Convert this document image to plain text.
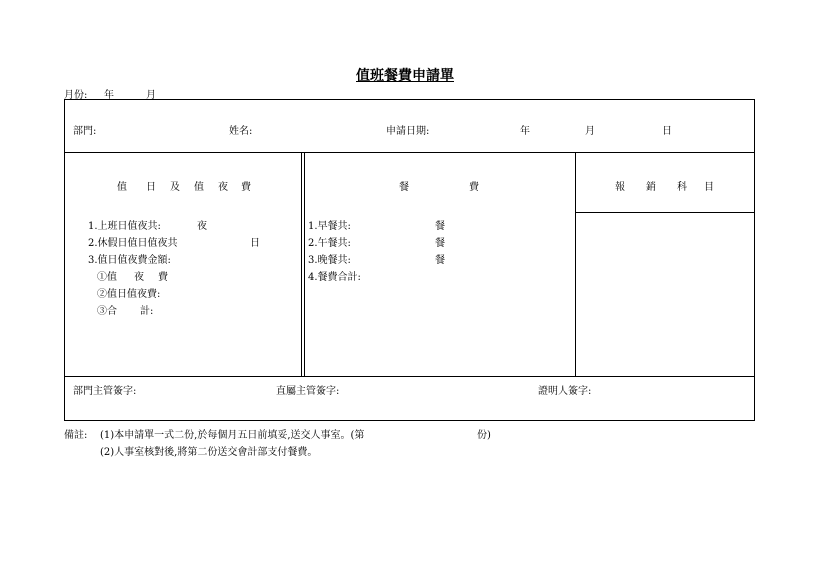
值班餐費申請單
月份: 年	月
部門:	姓名:	申請日期:	年	月	日
值 日 及 值 夜 費
1.上班日值夜共:	夜
2.休假日值日值夜共	日
3.值日值夜費金額:
①值 夜 費
②值日值夜費:
③合 計:
餐	費
1.早餐共:	餐
2.午餐共:	餐
3.晚餐共:	餐
4.餐費合計:
報 銷 科 目
部門主管簽字:	直屬主管簽字:	證明人簽字:
備註: (1)本申請單一式二份,於每個月五日前填妥,送交人事室。(第	份)
(2)人事室核對後,將第二份送交會計部支付餐費。
